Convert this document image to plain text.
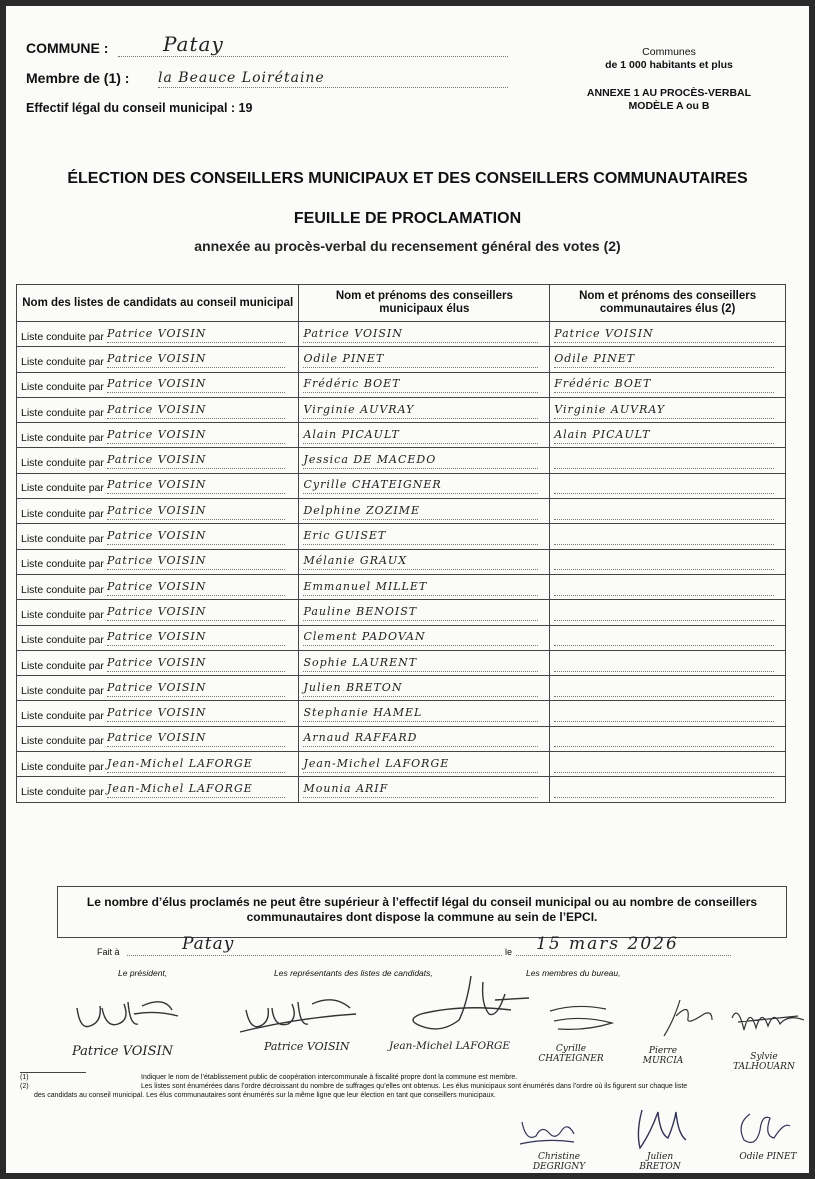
COMMUNE :	Patay
Membre de (1) : la Beauce Loirétaine
Effectif légal du conseil municipal : 19
Communes
de 1 000 habitants et plus
ANNEXE 1 AU PROCÈS-VERBAL
MODÈLE A ou B
ÉLECTION DES CONSEILLERS MUNICIPAUX ET DES CONSEILLERS COMMUNAUTAIRES
FEUILLE DE PROCLAMATION
annexée au procès-verbal du recensement général des votes (2)
Nom des listes de candidats au conseil municipal	Nom et prénoms des conseillers municipaux élus	Nom et prénoms des conseillers communautaires élus (2)
Liste conduite par Patrice VOISIN	Patrice VOISIN	Patrice VOISIN
Liste conduite par Patrice VOISIN	Odile PINET	Odile PINET
Liste conduite par Patrice VOISIN	Frédéric BOET	Frédéric BOET
Liste conduite par Patrice VOISIN	Virginie AUVRAY	Virginie AUVRAY
Liste conduite par Patrice VOISIN	Alain PICAULT	Alain PICAULT
Liste conduite par Patrice VOISIN	Jessica DE MACEDO	
Liste conduite par Patrice VOISIN	Cyrille CHATEIGNER	
Liste conduite par Patrice VOISIN	Delphine ZOZIME	
Liste conduite par Patrice VOISIN	Eric GUISET	
Liste conduite par Patrice VOISIN	Mélanie GRAUX	
Liste conduite par Patrice VOISIN	Emmanuel MILLET	
Liste conduite par Patrice VOISIN	Pauline BENOIST	
Liste conduite par Patrice VOISIN	Clement PADOVAN	
Liste conduite par Patrice VOISIN	Sophie LAURENT	
Liste conduite par Patrice VOISIN	Julien BRETON	
Liste conduite par Patrice VOISIN	Stephanie HAMEL	
Liste conduite par Patrice VOISIN	Arnaud RAFFARD	
Liste conduite par Jean-Michel LAFORGE	Jean-Michel LAFORGE	
Liste conduite par Jean-Michel LAFORGE	Mounia ARIF	
Le nombre d’élus proclamés ne peut être supérieur à l’effectif légal du conseil municipal ou au nombre de conseillers communautaires dont dispose la commune au sein de l’EPCI.
Fait à	Patay	le	15 mars 2026
Le président,	Les représentants des listes de candidats,	Les membres du bureau,
Patrice VOISIN	Patrice VOISIN	Jean-Michel LAFORGE	Cyrille CHATEIGNER
Pierre MURCIA	Sylvie TALHOUARN
Christine DEGRIGNY
Julien BRETON
Odile PINET
(1)	Indiquer le nom de l’établissement public de coopération intercommunale à fiscalité propre dont la commune est membre.
(2)	Les listes sont énumérées dans l’ordre décroissant du nombre de suffrages qu’elles ont obtenus. Les élus municipaux sont énumérés dans l’ordre où ils figurent sur chaque liste
des candidats au conseil municipal. Les élus communautaires sont énumérés sur la même ligne que leur élection en tant que conseillers municipaux.
